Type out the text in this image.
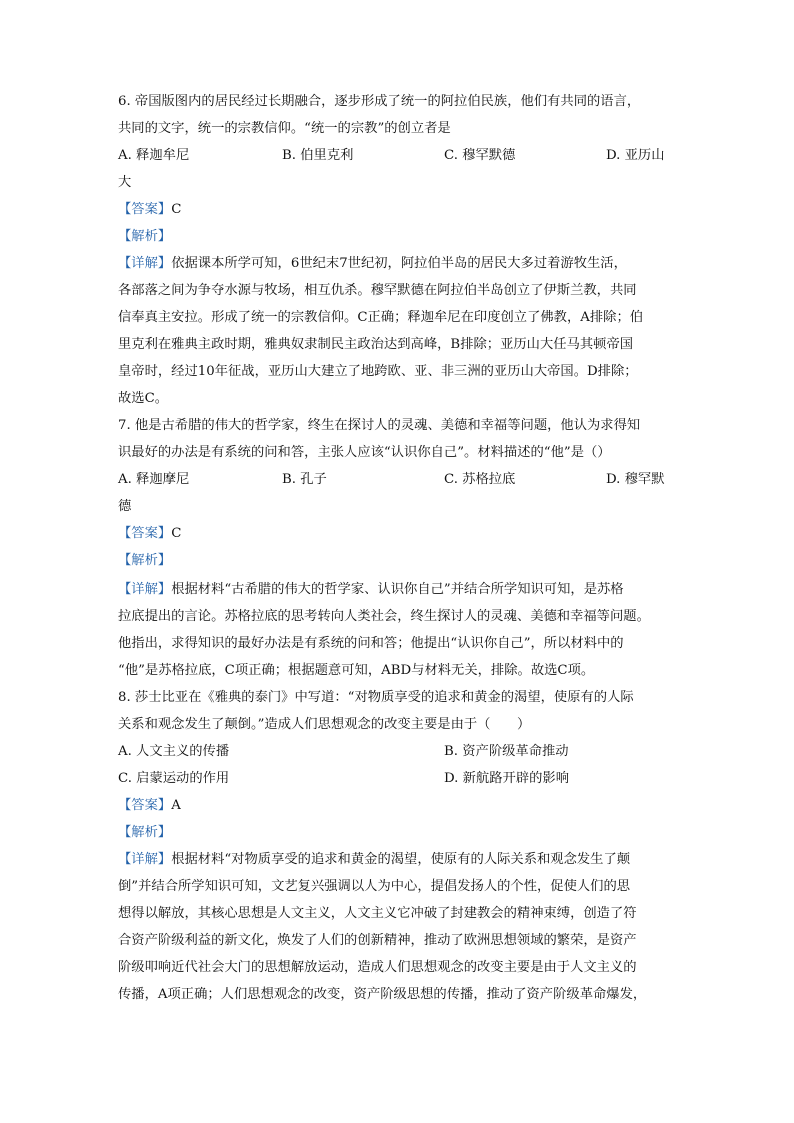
6. 帝国版图内的居民经过长期融合，逐步形成了统一的阿拉伯民族，他们有共同的语言，
共同的文字，统一的宗教信仰。“统一的宗教”的创立者是
A. 释迦牟尼	B. 伯里克利	C. 穆罕默德	D. 亚历山
大
【答案】C
【解析】
【详解】依据课本所学可知，6世纪末7世纪初，阿拉伯半岛的居民大多过着游牧生活，
各部落之间为争夺水源与牧场，相互仇杀。穆罕默德在阿拉伯半岛创立了伊斯兰教，共同
信奉真主安拉。形成了统一的宗教信仰。C正确；释迦牟尼在印度创立了佛教，A排除；伯
里克利在雅典主政时期，雅典奴隶制民主政治达到高峰，B排除；亚历山大任马其顿帝国
皇帝时，经过10年征战，亚历山大建立了地跨欧、亚、非三洲的亚历山大帝国。D排除；
故选C。
7. 他是古希腊的伟大的哲学家，终生在探讨人的灵魂、美德和幸福等问题，他认为求得知
识最好的办法是有系统的问和答，主张人应该“认识你自己”。材料描述的“他”是（）
A. 释迦摩尼	B. 孔子	C. 苏格拉底	D. 穆罕默
德
【答案】C
【解析】
【详解】根据材料“古希腊的伟大的哲学家、认识你自己”并结合所学知识可知，是苏格
拉底提出的言论。苏格拉底的思考转向人类社会，终生探讨人的灵魂、美德和幸福等问题。
他指出，求得知识的最好办法是有系统的问和答；他提出“认识你自己”，所以材料中的
“他”是苏格拉底，C项正确；根据题意可知，ABD与材料无关，排除。故选C项。
8. 莎士比亚在《雅典的泰门》中写道：“对物质享受的追求和黄金的渴望，使原有的人际
关系和观念发生了颠倒。”造成人们思想观念的改变主要是由于（　　）
A. 人文主义的传播	B. 资产阶级革命推动
C. 启蒙运动的作用	D. 新航路开辟的影响
【答案】A
【解析】
【详解】根据材料“对物质享受的追求和黄金的渴望，使原有的人际关系和观念发生了颠
倒”并结合所学知识可知，文艺复兴强调以人为中心，提倡发扬人的个性，促使人们的思
想得以解放，其核心思想是人文主义，人文主义它冲破了封建教会的精神束缚，创造了符
合资产阶级利益的新文化，焕发了人们的创新精神，推动了欧洲思想领域的繁荣，是资产
阶级叩响近代社会大门的思想解放运动，造成人们思想观念的改变主要是由于人文主义的
传播，A项正确；人们思想观念的改变，资产阶级思想的传播，推动了资产阶级革命爆发，
